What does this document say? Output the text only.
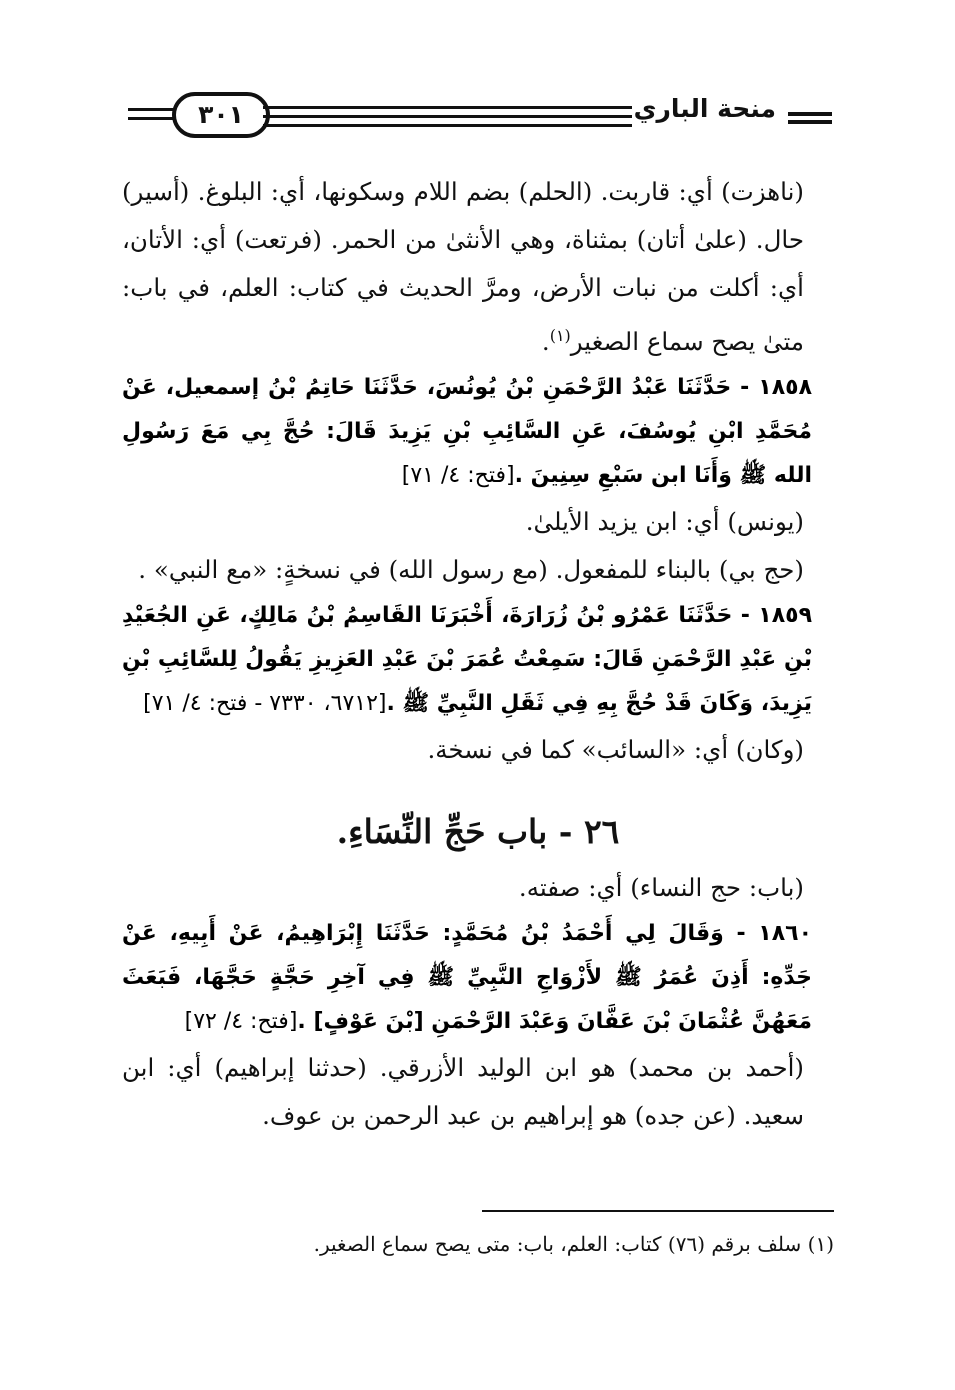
٣٠١	منحة الباري

(ناهزت) أي: قاربت. (الحلم) بضم اللام وسكونها، أي: البلوغ. (أسير) حال. (علىٰ أتان) بمثناة، وهي الأنثىٰ من الحمر. (فرتعت) أي: الأتان، أي: أكلت من نبات الأرض، ومرَّ الحديث في كتاب: العلم، في باب: متىٰ يصح سماع الصغير$^{(١)}$.

١٨٥٨ - حَدَّثَنَا عَبْدُ الرَّحْمَنِ بْنُ يُونُسَ، حَدَّثَنَا حَاتِمُ بْنُ إسمعيل، عَنْ مُحَمَّدِ ابْنِ يُوسُفَ، عَنِ السَّائِبِ بْنِ يَزِيدَ قَالَ: حُجَّ بِي مَعَ رَسُولِ الله ﷺ وَأَنَا ابن سَبْعِ سِنِينَ .[فتح: ٤/ ٧١]

(يونس) أي: ابن يزيد الأيلىٰ.

(حج بي) بالبناء للمفعول. (مع رسول الله) في نسخةٍ: «مع النبي» .

١٨٥٩ - حَدَّثَنَا عَمْرُو بْنُ زُرَارَةَ، أَخْبَرَنَا القَاسِمُ بْنُ مَالِكٍ، عَنِ الجُعَيْدِ بْنِ عَبْدِ الرَّحْمَنِ قَالَ: سَمِعْتُ عُمَرَ بْنَ عَبْدِ العَزِيزِ يَقُولُ لِلسَّائِبِ بْنِ يَزِيدَ، وَكَانَ قَدْ حُجَّ بِهِ فِي ثَقَلِ النَّبِيِّ ﷺ .[٦٧١٢، ٧٣٣٠ - فتح: ٤/ ٧١]

(وكان) أي: «السائب» كما في نسخة.

٢٦ - باب حَجِّ النِّسَاءِ.

(باب: حج النساء) أي: صفته.

١٨٦٠ - وَقَالَ لِي أَحْمَدُ بْنُ مُحَمَّدٍ: حَدَّثَنَا إِبْرَاهِيمُ، عَنْ أَبِيهِ، عَنْ جَدِّهِ: أَذِنَ عُمَرُ ﷺ لأَزْوَاجِ النَّبِيِّ ﷺ فِي آخِرِ حَجَّةٍ حَجَّهَا، فَبَعَثَ مَعَهُنَّ عُثْمَانَ بْنَ عَفَّانَ وَعَبْدَ الرَّحْمَنِ [بْنَ عَوْفٍ] .[فتح: ٤/ ٧٢]

(أحمد بن محمد) هو ابن الوليد الأزرقي. (حدثنا إبراهيم) أي: ابن سعيد. (عن جده) هو إبراهيم بن عبد الرحمن بن عوف.

(١) سلف برقم (٧٦) كتاب: العلم، باب: متى يصح سماع الصغير.
